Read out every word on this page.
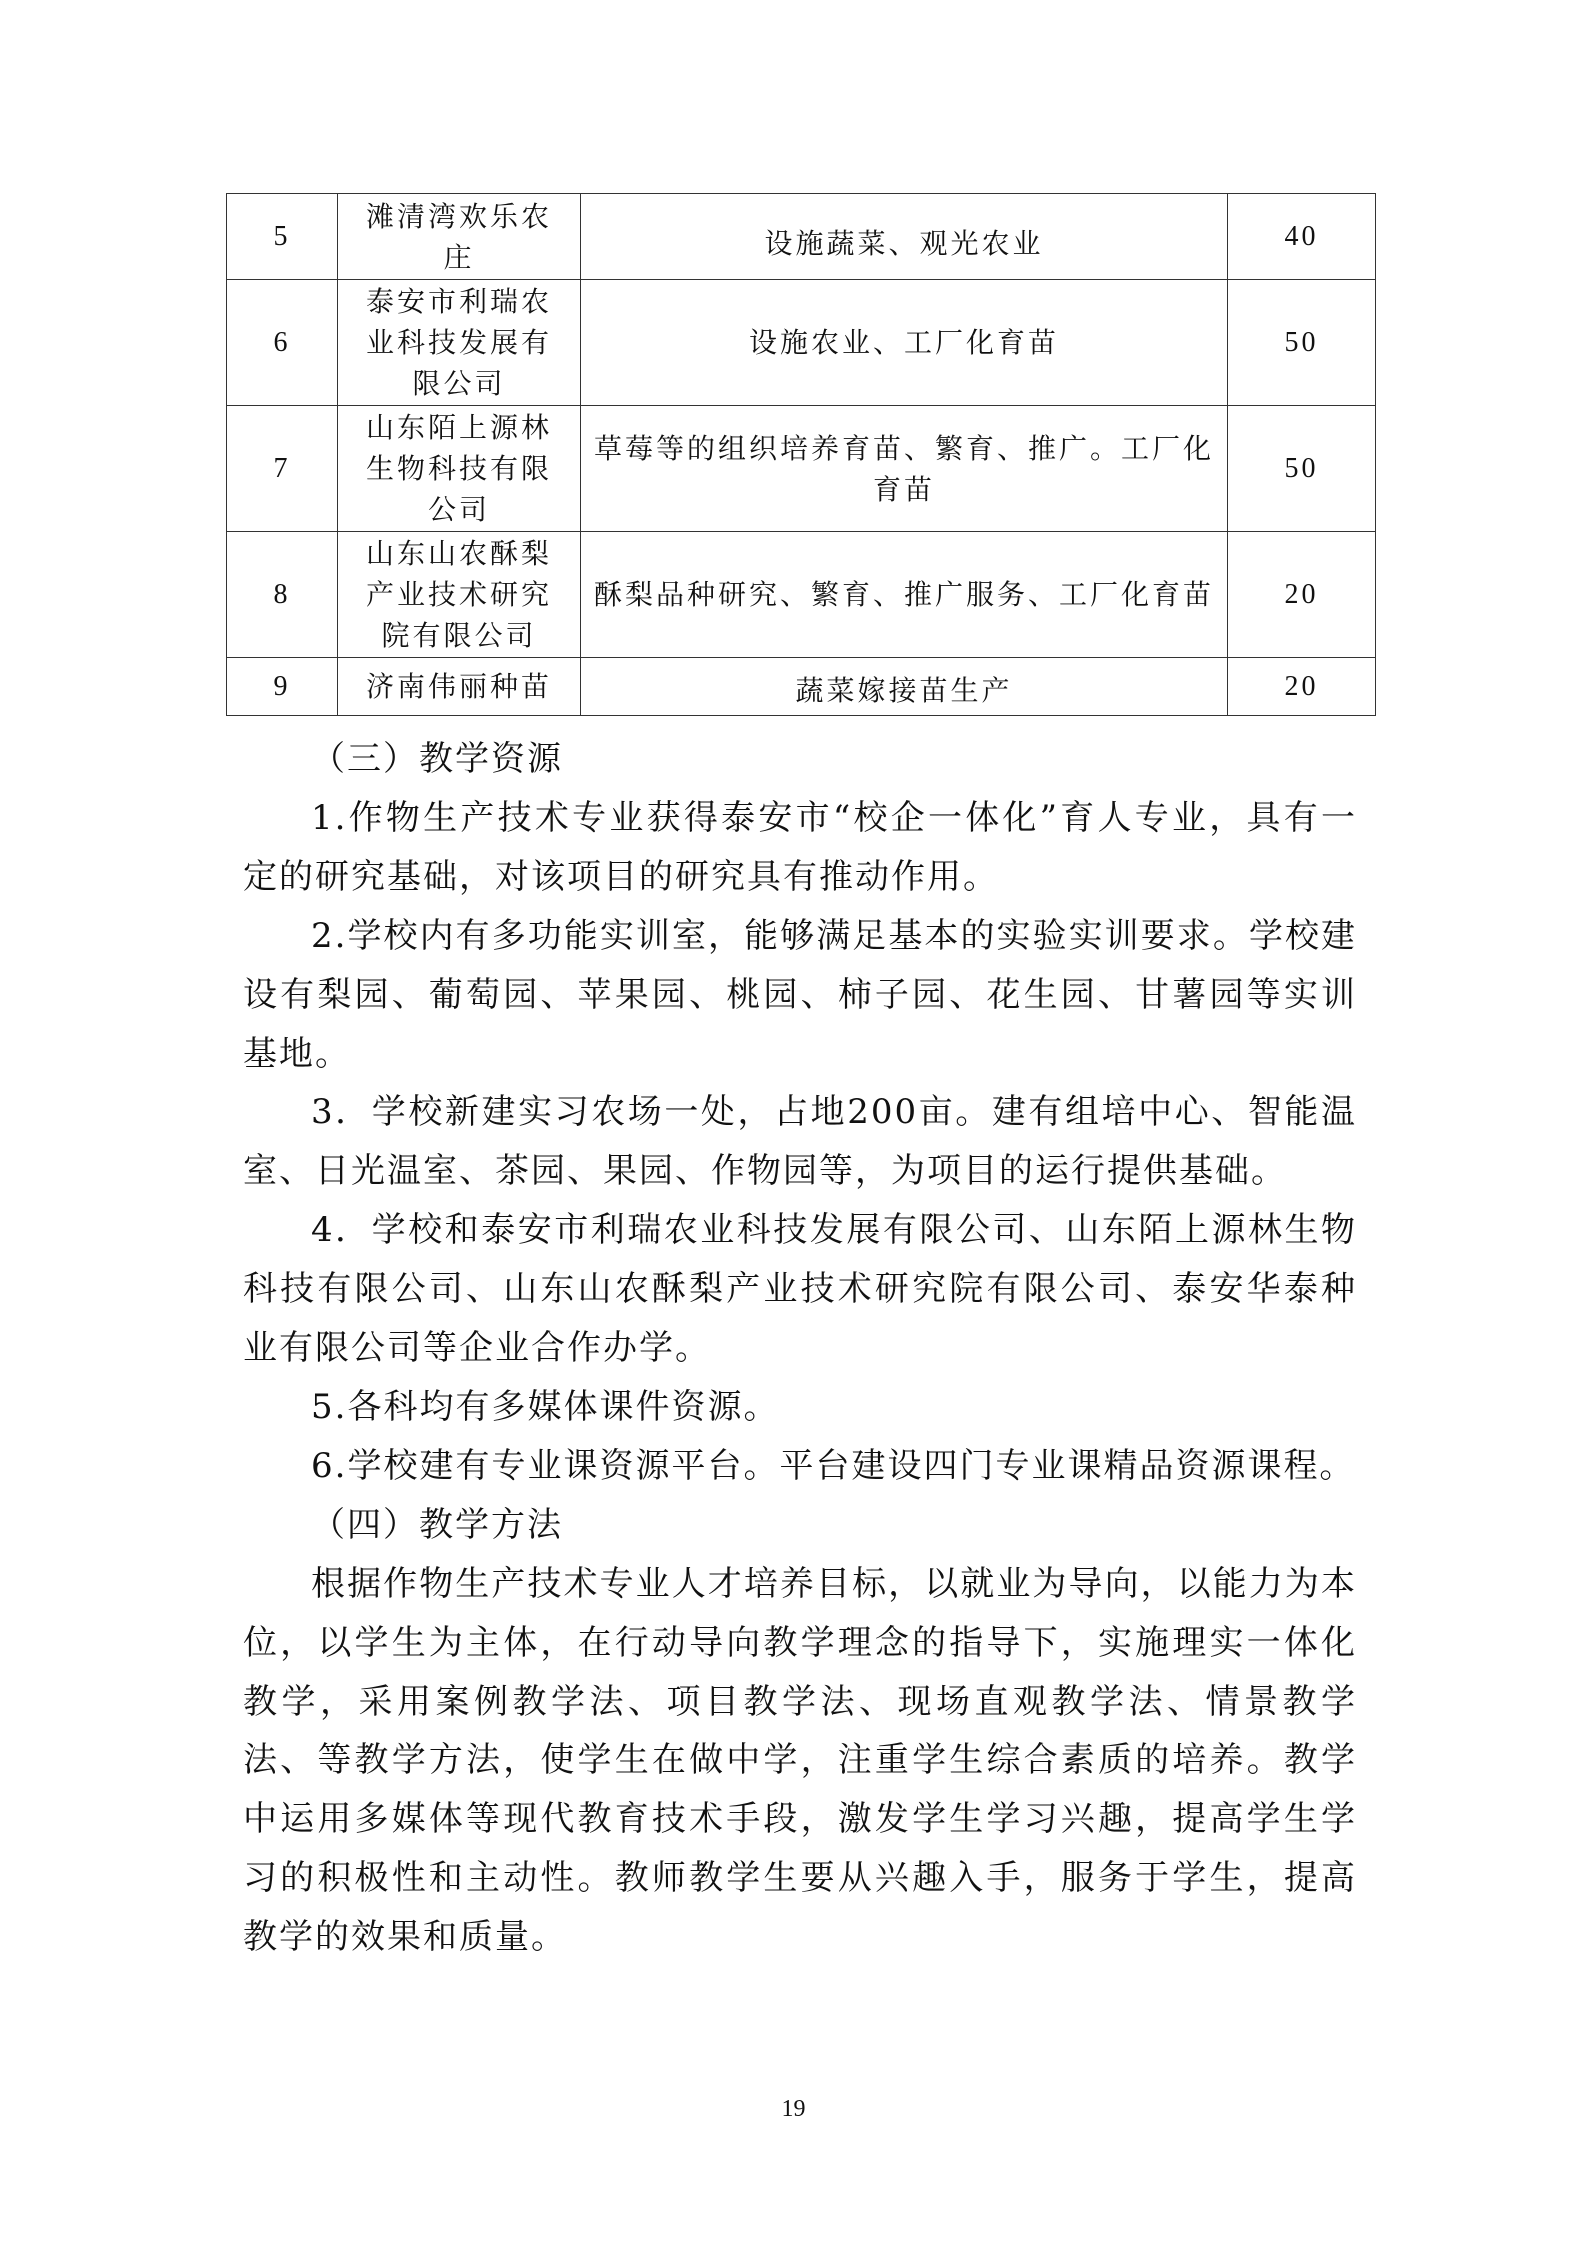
5	滩清湾欢乐农庄	设施蔬菜、观光农业	40
6	泰安市利瑞农业科技发展有限公司	设施农业、工厂化育苗	50
7	山东陌上源林生物科技有限公司	草莓等的组织培养育苗、繁育、推广。工厂化育苗	50
8	山东山农酥梨产业技术研究院有限公司	酥梨品种研究、繁育、推广服务、工厂化育苗	20
9	济南伟丽种苗	蔬菜嫁接苗生产	20

（三）教学资源

1.作物生产技术专业获得泰安市“校企一体化”育人专业，具有一定的研究基础，对该项目的研究具有推动作用。

2.学校内有多功能实训室，能够满足基本的实验实训要求。学校建设有梨园、葡萄园、苹果园、桃园、柿子园、花生园、甘薯园等实训基地。

3．学校新建实习农场一处，占地200亩。建有组培中心、智能温室、日光温室、茶园、果园、作物园等，为项目的运行提供基础。

4．学校和泰安市利瑞农业科技发展有限公司、山东陌上源林生物科技有限公司、山东山农酥梨产业技术研究院有限公司、泰安华泰种业有限公司等企业合作办学。

5.各科均有多媒体课件资源。

6.学校建有专业课资源平台。平台建设四门专业课精品资源课程。

（四）教学方法

根据作物生产技术专业人才培养目标，以就业为导向，以能力为本位，以学生为主体，在行动导向教学理念的指导下，实施理实一体化教学，采用案例教学法、项目教学法、现场直观教学法、情景教学法、等教学方法，使学生在做中学，注重学生综合素质的培养。教学中运用多媒体等现代教育技术手段，激发学生学习兴趣，提高学生学习的积极性和主动性。教师教学生要从兴趣入手，服务于学生，提高教学的效果和质量。

19
